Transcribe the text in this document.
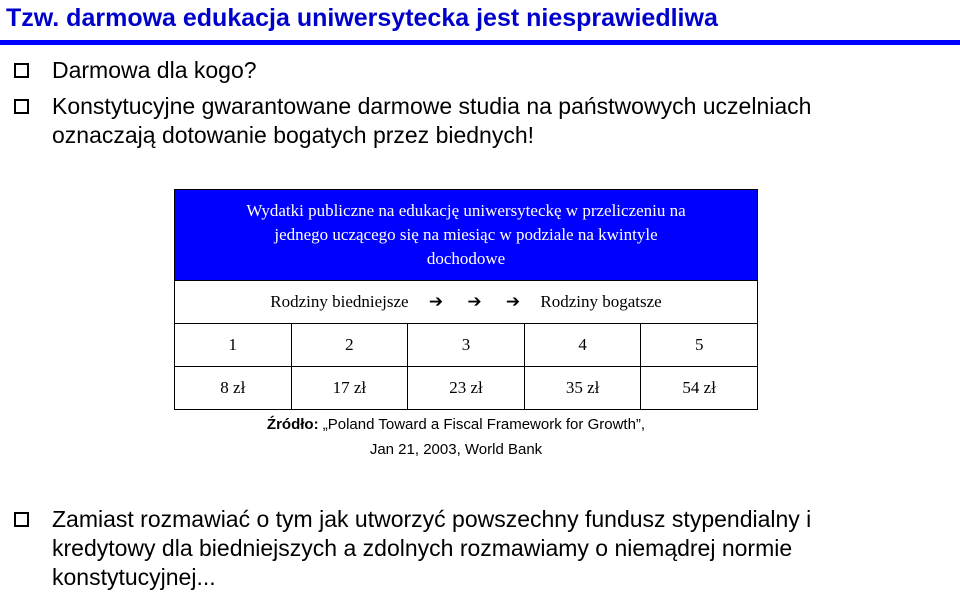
Tzw. darmowa edukacja uniwersytecka jest niesprawiedliwa
Darmowa dla kogo?
Konstytucyjne gwarantowane darmowe studia na państwowych uczelniach
oznaczają dotowanie bogatych przez biednych!
Wydatki publiczne na edukację uniwersyteckę w przeliczeniu na
jednego uczącego się na miesiąc w podziale na kwintyle
dochodowe				

Rodziny biedniejsze ➔ ➔ ➔ Rodziny bogatsze				
1	2	3	4	5
8 zł	17 zł	23 zł	35 zł	54 zł
Źródło: „Poland Toward a Fiscal Framework for Growth”,
Jan 21, 2003, World Bank
Zamiast rozmawiać o tym jak utworzyć powszechny fundusz stypendialny i
kredytowy dla biedniejszych a zdolnych rozmawiamy o niemądrej normie
konstytucyjnej...
